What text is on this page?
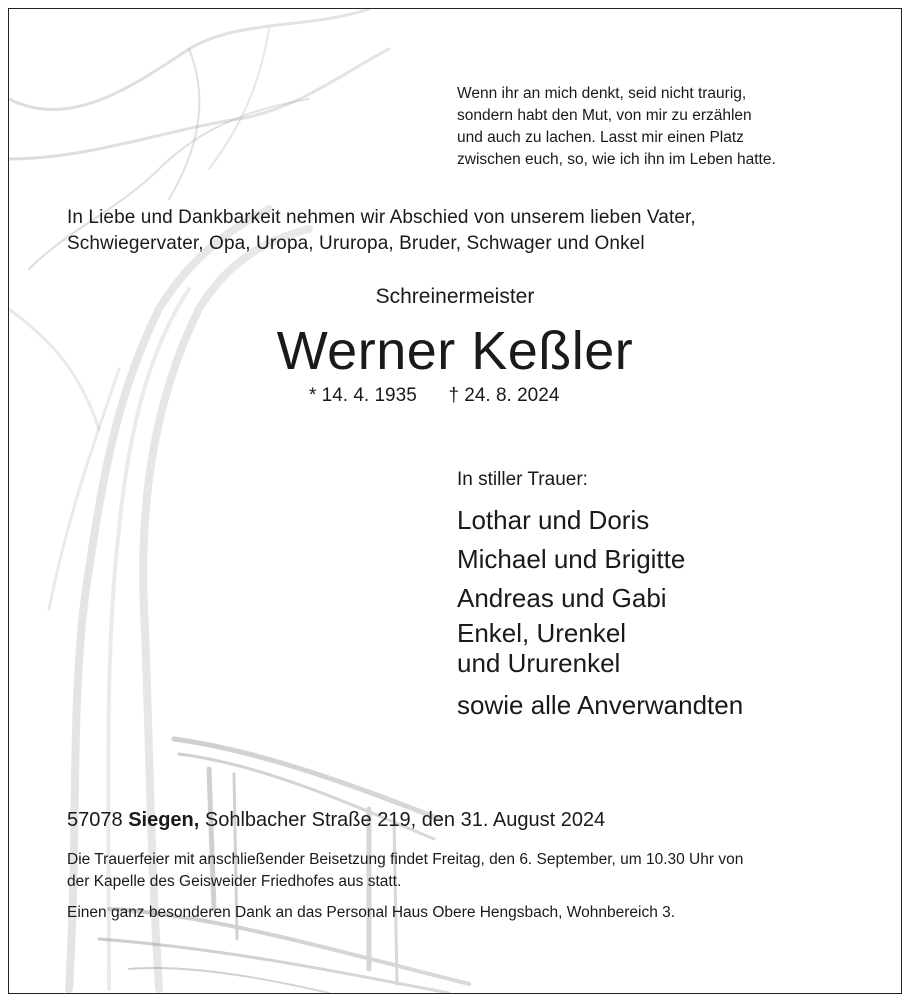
Wenn ihr an mich denkt, seid nicht traurig,
sondern habt den Mut, von mir zu erzählen
und auch zu lachen. Lasst mir einen Platz
zwischen euch, so, wie ich ihn im Leben hatte.
In Liebe und Dankbarkeit nehmen wir Abschied von unserem lieben Vater,
Schwiegervater, Opa, Uropa, Ururopa, Bruder, Schwager und Onkel
Schreinermeister
Werner Keßler
* 14. 4. 1935 † 24. 8. 2024
In stiller Trauer:
Lothar und Doris
Michael und Brigitte
Andreas und Gabi
Enkel, Urenkel
und Ururenkel
sowie alle Anverwandten
57078 Siegen, Sohlbacher Straße 219, den 31. August 2024
Die Trauerfeier mit anschließender Beisetzung findet Freitag, den 6. September, um 10.30 Uhr von
der Kapelle des Geisweider Friedhofes aus statt.
Einen ganz besonderen Dank an das Personal Haus Obere Hengsbach, Wohnbereich 3.
